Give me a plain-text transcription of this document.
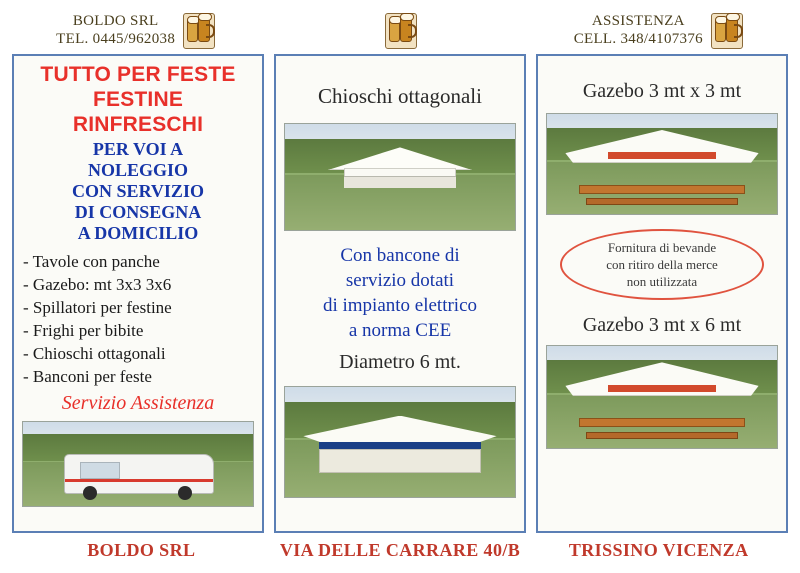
BOLDO SRL
TEL. 0445/962038
ASSISTENZA
CELL. 348/4107376
TUTTO PER FESTE
FESTINE
RINFRESCHI
PER VOI A
NOLEGGIO
CON SERVIZIO
DI CONSEGNA
A DOMICILIO
- Tavole con panche
- Gazebo: mt 3x3 3x6
- Spillatori per festine
- Frighi per bibite
- Chioschi ottagonali
- Banconi per feste
Servizio Assistenza
Chioschi ottagonali
Con bancone di
servizio dotati
di impianto elettrico
a norma CEE
Diametro 6 mt.
Gazebo 3 mt x 3 mt
Fornitura di bevande
con ritiro della merce
non utilizzata
Gazebo 3 mt x 6 mt
BOLDO SRL	VIA DELLE CARRARE 40/B	TRISSINO VICENZA
